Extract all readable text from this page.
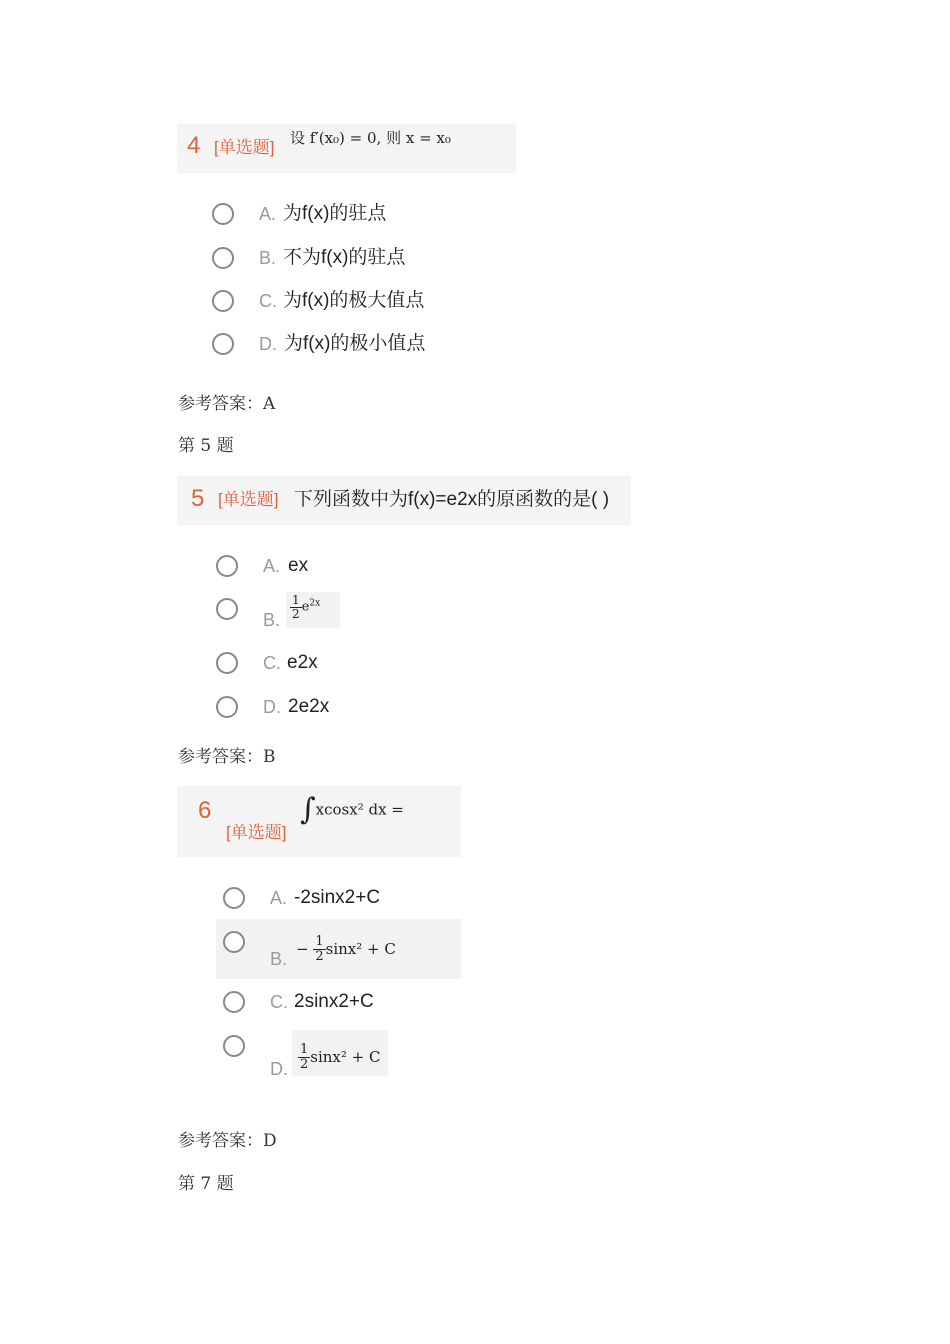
4 [单选题] 设 f′(x₀) = 0, 则 x = x₀
A. 为f(x)的驻点
B. 不为f(x)的驻点
C. 为f(x)的极大值点
D. 为f(x)的极小值点
参考答案：A
第 5 题
5 [单选题] 下列函数中为f(x)=e2x的原函数的是( )

A. ex
B. $\frac{1}{2} e^{2x}$
C. e2x
D. 2e2x
参考答案：B
6
[单选题]
∫xcosx² dx =
A. -2sinx2+C
B. − $\frac{1}{2} \sin x^2 + C$
C. 2sinx2+C
D. $\frac{1}{2} \sin x^2 + C$
参考答案：D
第 7 题
